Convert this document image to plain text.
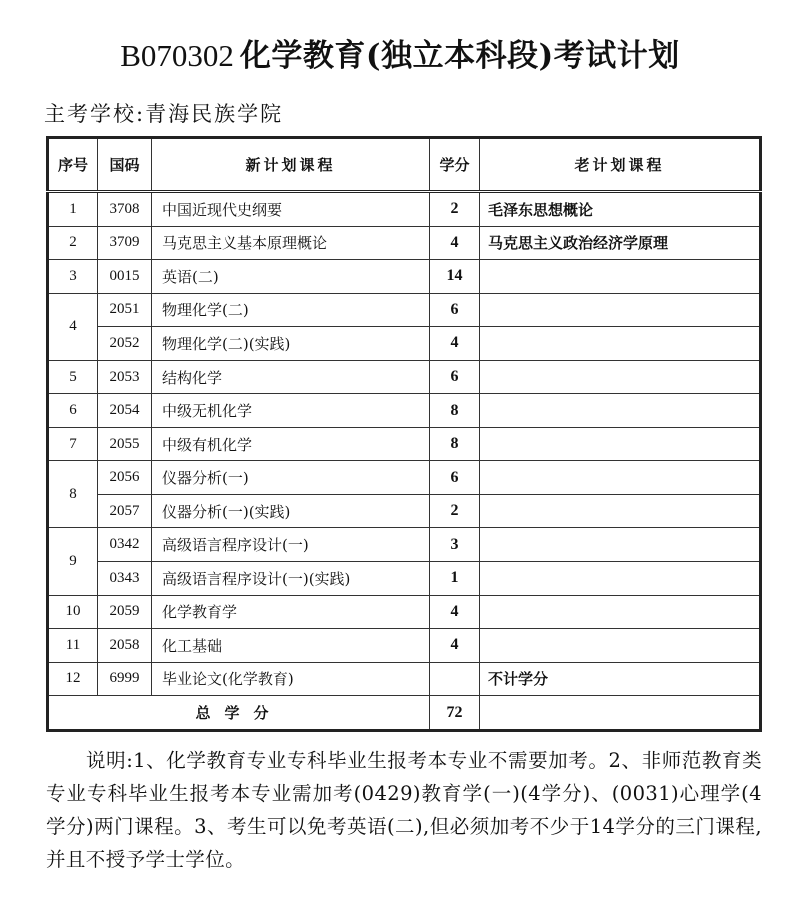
B070302 化学教育(独立本科段)考试计划
主考学校:青海民族学院
序号	国码	新计划课程	学分	老计划课程
1	3708	中国近现代史纲要	2	毛泽东思想概论
2	3709	马克思主义基本原理概论	4	马克思主义政治经济学原理
3	0015	英语(二)	14	
4	2051	物理化学(二)	6	
	2052	物理化学(二)(实践)	4	
5	2053	结构化学	6	
6	2054	中级无机化学	8	
7	2055	中级有机化学	8	
8	2056	仪器分析(一)	6	
	2057	仪器分析(一)(实践)	2	
9	0342	高级语言程序设计(一)	3	
	0343	高级语言程序设计(一)(实践)	1	
10	2059	化学教育学	4	
11	2058	化工基础	4	
12	6999	毕业论文(化学教育)		不计学分
总学分			72	
说明:1、化学教育专业专科毕业生报考本专业不需要加考。2、非师范教育类专业专科毕业生报考本专业需加考(0429)教育学(一)(4学分)、(0031)心理学(4学分)两门课程。3、考生可以免考英语(二),但必须加考不少于14学分的三门课程,并且不授予学士学位。
